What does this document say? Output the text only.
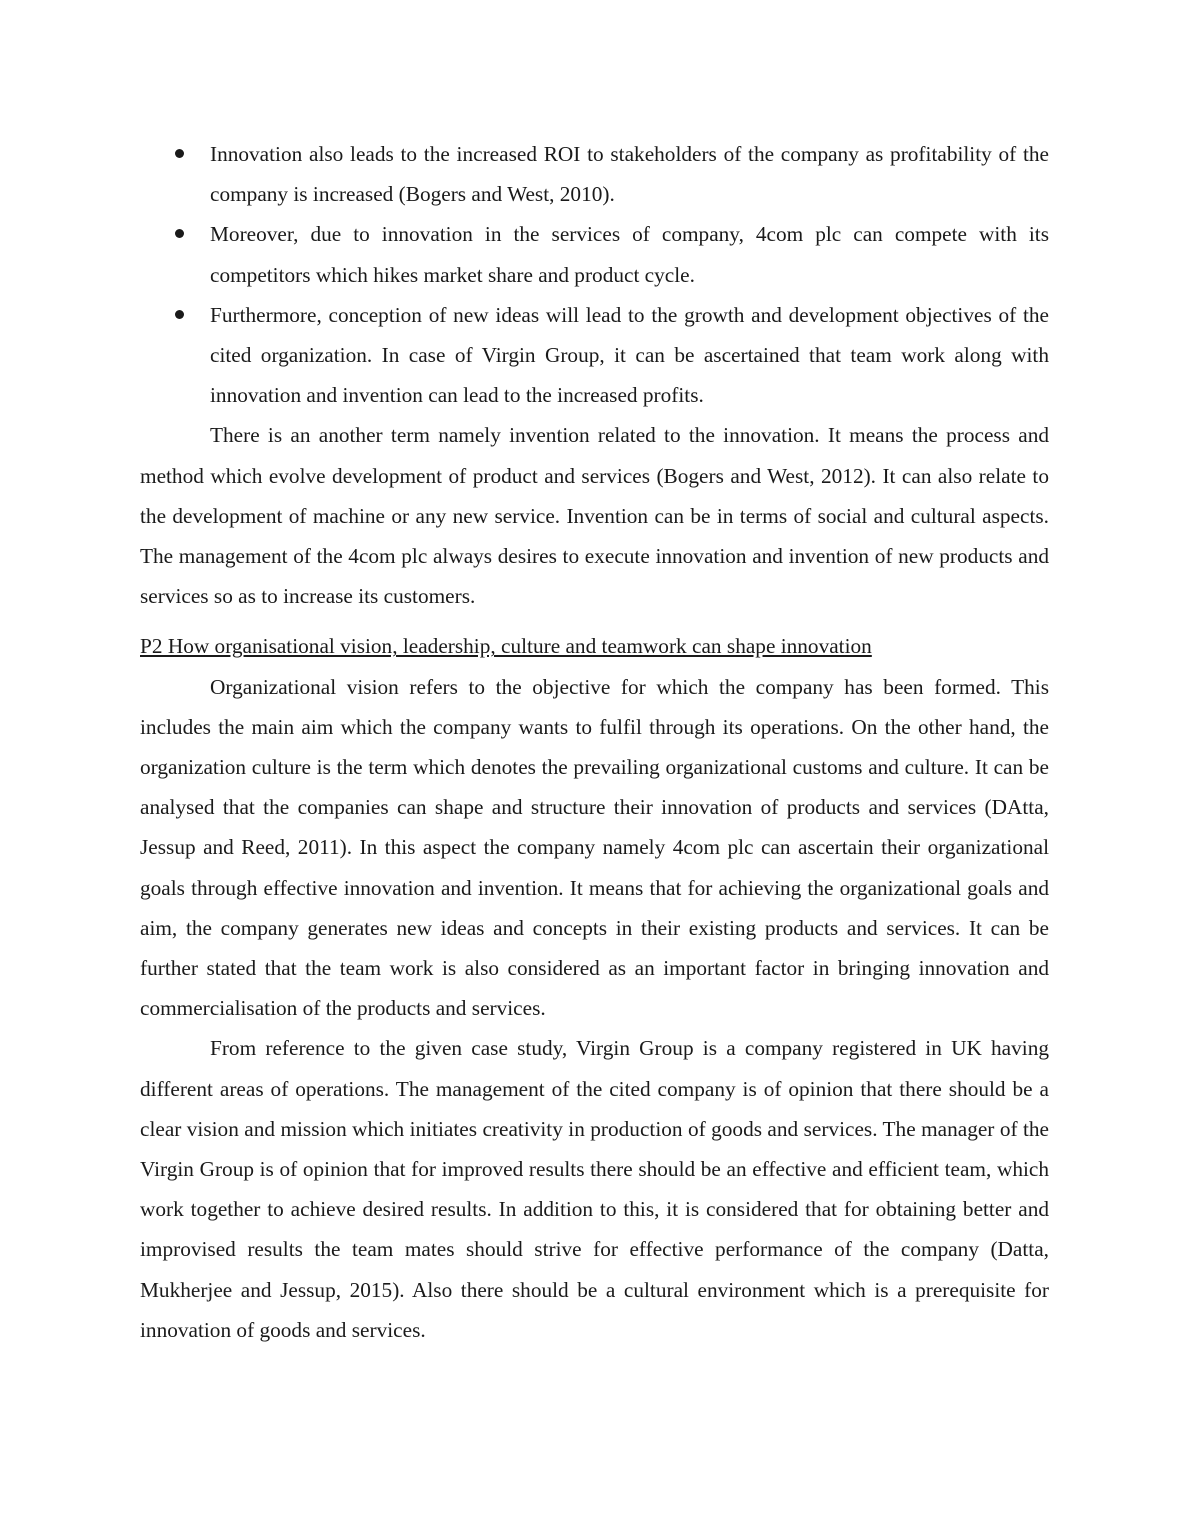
Innovation also leads to the increased ROI to stakeholders of the company as profitability of the company is increased (Bogers and West, 2010).
Moreover, due to innovation in the services of company, 4com plc can compete with its competitors which hikes market share and product cycle.
Furthermore, conception of new ideas will lead to the growth and development objectives of the cited organization. In case of Virgin Group, it can be ascertained that team work along with innovation and invention can lead to the increased profits.

There is an another term namely invention related to the innovation. It means the process and method which evolve development of product and services (Bogers and West, 2012). It can also relate to the development of machine or any new service. Invention can be in terms of social and cultural aspects. The management of the 4com plc always desires to execute innovation and invention of new products and services so as to increase its customers.

P2 How organisational vision, leadership, culture and teamwork can shape innovation

Organizational vision refers to the objective for which the company has been formed. This includes the main aim which the company wants to fulfil through its operations. On the other hand, the organization culture is the term which denotes the prevailing organizational customs and culture. It can be analysed that the companies can shape and structure their innovation of products and services (DAtta, Jessup and Reed, 2011). In this aspect the company namely 4com plc can ascertain their organizational goals through effective innovation and invention. It means that for achieving the organizational goals and aim, the company generates new ideas and concepts in their existing products and services. It can be further stated that the team work is also considered as an important factor in bringing innovation and commercialisation of the products and services.

From reference to the given case study, Virgin Group is a company registered in UK having different areas of operations. The management of the cited company is of opinion that there should be a clear vision and mission which initiates creativity in production of goods and services. The manager of the Virgin Group is of opinion that for improved results there should be an effective and efficient team, which work together to achieve desired results. In addition to this, it is considered that for obtaining better and improvised results the team mates should strive for effective performance of the company (Datta, Mukherjee and Jessup, 2015). Also there should be a cultural environment which is a prerequisite for innovation of goods and services.
